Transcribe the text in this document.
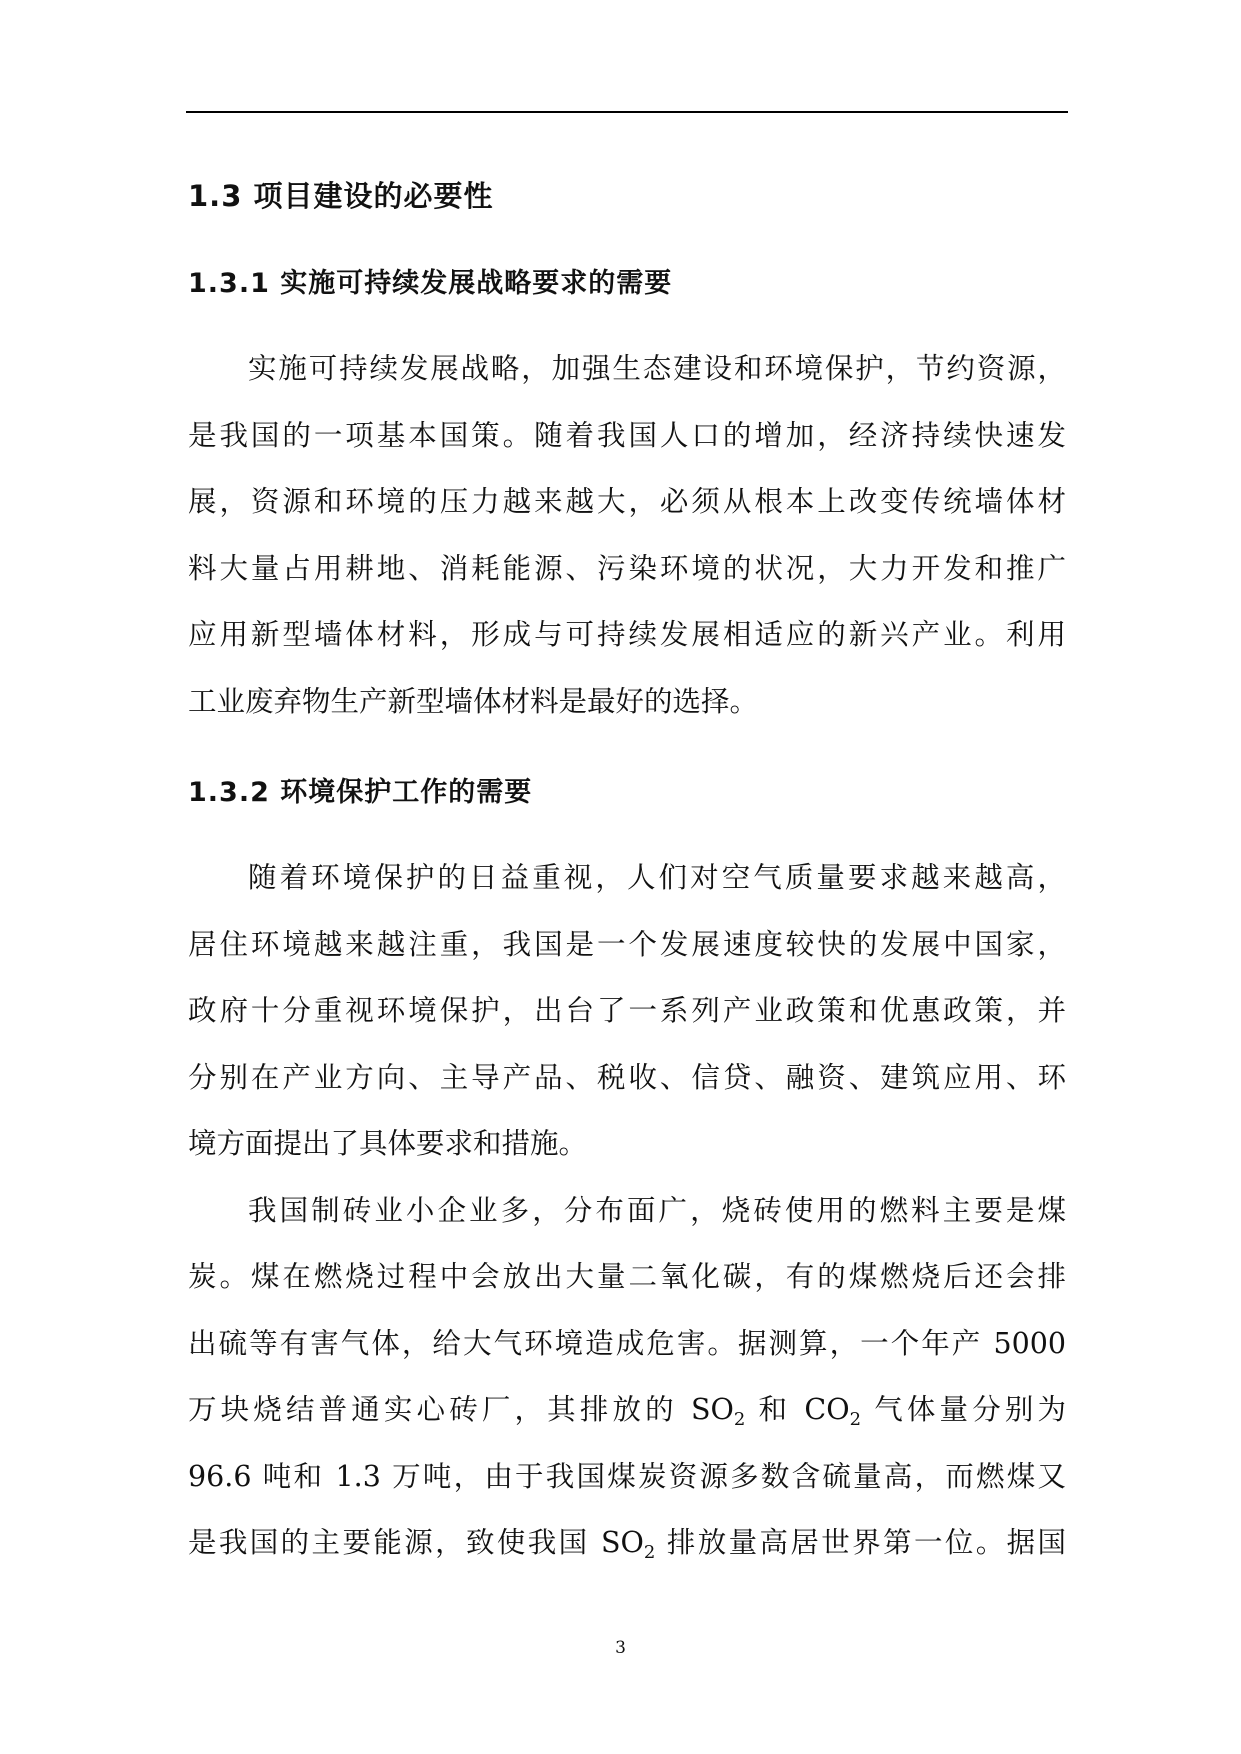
1.3 项目建设的必要性
1.3.1 实施可持续发展战略要求的需要
实施可持续发展战略，加强生态建设和环境保护，节约资源，
是我国的一项基本国策。随着我国人口的增加，经济持续快速发
展，资源和环境的压力越来越大，必须从根本上改变传统墙体材
料大量占用耕地、消耗能源、污染环境的状况，大力开发和推广
应用新型墙体材料，形成与可持续发展相适应的新兴产业。利用
工业废弃物生产新型墙体材料是最好的选择。
1.3.2 环境保护工作的需要
随着环境保护的日益重视，人们对空气质量要求越来越高，
居住环境越来越注重，我国是一个发展速度较快的发展中国家，
政府十分重视环境保护，出台了一系列产业政策和优惠政策，并
分别在产业方向、主导产品、税收、信贷、融资、建筑应用、环
境方面提出了具体要求和措施。
我国制砖业小企业多，分布面广，烧砖使用的燃料主要是煤
炭。煤在燃烧过程中会放出大量二氧化碳，有的煤燃烧后还会排
出硫等有害气体，给大气环境造成危害。据测算，一个年产 5000
万块烧结普通实心砖厂，其排放的 $SO_2$ 和 $CO_2$ 气体量分别为
96.6 吨和 1.3 万吨，由于我国煤炭资源多数含硫量高，而燃煤又
是我国的主要能源，致使我国 $SO_2$ 排放量高居世界第一位。据国
3
